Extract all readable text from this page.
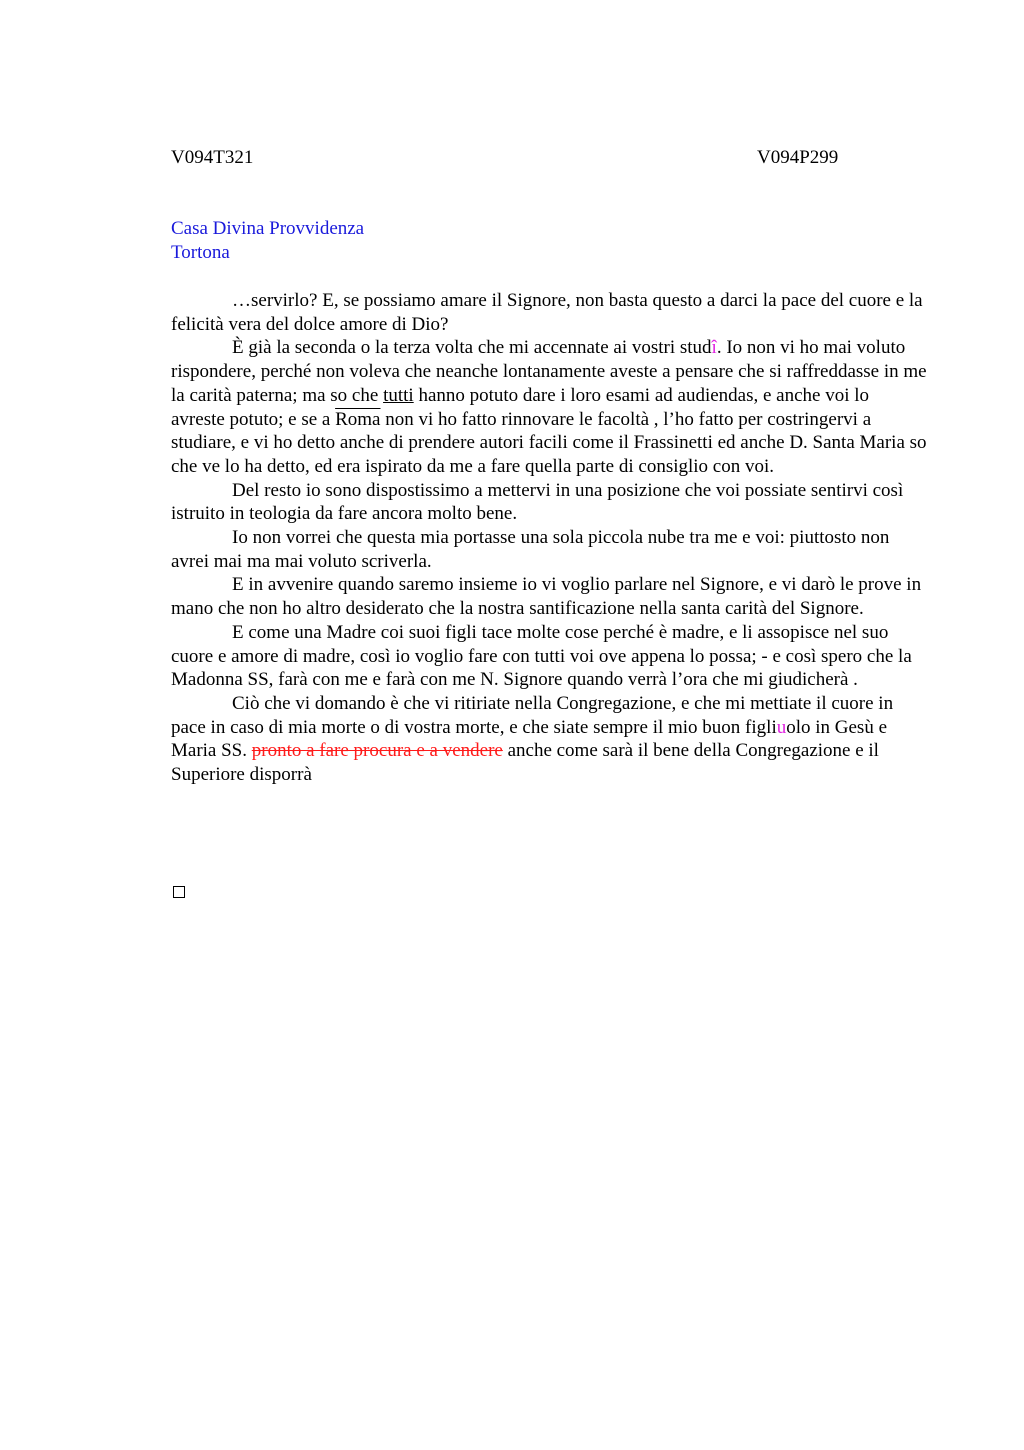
V094T321	V094P299
Casa Divina Provvidenza
Tortona

…servirlo? E, se possiamo amare il Signore, non basta questo a darci la pace del cuore e la felicità vera del dolce amore di Dio?

È già la seconda o la terza volta che mi accennate ai vostri studî. Io non vi ho mai voluto rispondere, perché non voleva che neanche lontanamente aveste a pensare che si raffreddasse in me la carità paterna; ma so che tutti hanno potuto dare i loro esami ad audiendas, e anche voi lo avreste potuto; e se a Roma non vi ho fatto rinnovare le facoltà , l’ho fatto per costringervi a studiare, e vi ho detto anche di prendere autori facili come il Frassinetti ed anche D. Santa Maria so che ve lo ha detto, ed era ispirato da me a fare quella parte di consiglio con voi.

Del resto io sono dispostissimo a mettervi in una posizione che voi possiate sentirvi così istruito in teologia da fare ancora molto bene.

Io non vorrei che questa mia portasse una sola piccola nube tra me e voi: piuttosto non avrei mai ma mai voluto scriverla.

E in avvenire quando saremo insieme io vi voglio parlare nel Signore, e vi darò le prove in mano che non ho altro desiderato che la nostra santificazione nella santa carità del Signore.

E come una Madre coi suoi figli tace molte cose perché è madre, e li assopisce nel suo cuore e amore di madre, così io voglio fare con tutti voi ove appena lo possa; - e così spero che la Madonna SS, farà con me e farà con me N. Signore quando verrà l’ora che mi giudicherà .

Ciò che vi domando è che vi ritiriate nella Congregazione, e che mi mettiate il cuore in pace in caso di mia morte o di vostra morte, e che siate sempre il mio buon figliuolo in Gesù e Maria SS. pronto a fare procura e a vendere anche come sarà il bene della Congregazione e il Superiore disporrà
